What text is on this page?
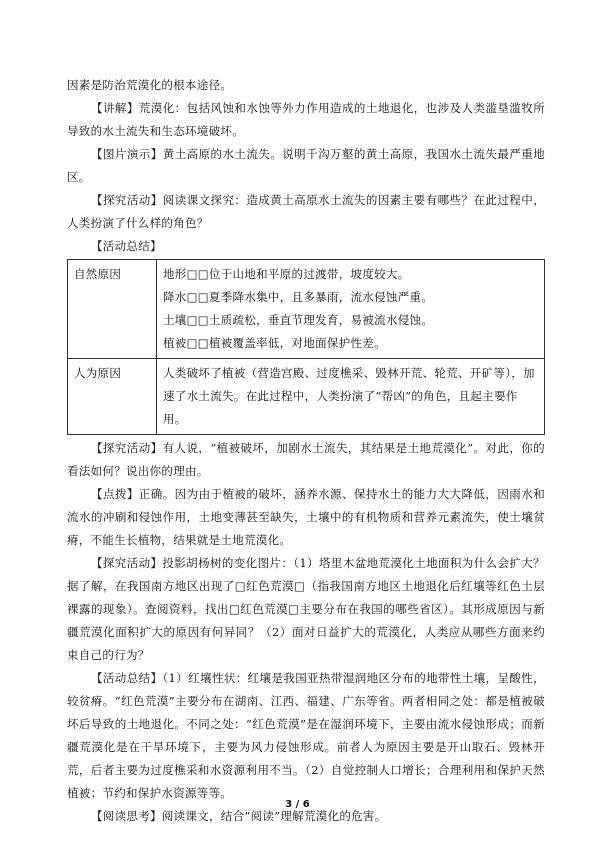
因素是防治荒漠化的根本途径。

【讲解】荒漠化：包括风蚀和水蚀等外力作用造成的土地退化，也涉及人类滥垦滥牧所导致的水土流失和生态环境破坏。

【图片演示】黄土高原的水土流失。说明千沟万壑的黄土高原，我国水土流失最严重地区。

【探究活动】阅读课文探究：造成黄土高原水土流失的因素主要有哪些？在此过程中，人类扮演了什么样的角色？

【活动总结】

自然原因	地形□□位于山地和平原的过渡带，坡度较大。
降水□□夏季降水集中，且多暴雨，流水侵蚀严重。
土壤□□土质疏松，垂直节理发育，易被流水侵蚀。
植被□□植被覆盖率低，对地面保护性差。

人为原因	人类破坏了植被（营造宫殿、过度樵采、毁林开荒、轮荒、开矿等），加速了水土流失。在此过程中，人类扮演了“帮凶”的角色，且起主要作用。

【探究活动】有人说，“植被破坏，加剧水土流失，其结果是土地荒漠化”。对此，你的看法如何？说出你的理由。

【点拨】正确。因为由于植被的破坏，涵养水源、保持水土的能力大大降低，因雨水和流水的冲刷和侵蚀作用，土地变薄甚至缺失，土壤中的有机物质和营养元素流失，使土壤贫瘠，不能生长植物，结果就是土地荒漠化。

【探究活动】投影胡杨树的变化图片：（1）塔里木盆地荒漠化土地面积为什么会扩大？据了解，在我国南方地区出现了□红色荒漠□（指我国南方地区土地退化后红壤等红色土层裸露的现象）。查阅资料，找出□红色荒漠□主要分布在我国的哪些省区）。其形成原因与新疆荒漠化面积扩大的原因有何异同？（2）面对日益扩大的荒漠化，人类应从哪些方面来约束自己的行为？

【活动总结】（1）红壤性状：红壤是我国亚热带湿润地区分布的地带性土壤，呈酸性，较贫瘠。“红色荒漠”主要分布在湖南、江西、福建、广东等省。两者相同之处：都是植被破坏后导致的土地退化。不同之处：“红色荒漠”是在湿润环境下，主要由流水侵蚀形成；而新疆荒漠化是在干旱环境下，主要为风力侵蚀形成。前者人为原因主要是开山取石、毁林开荒，后者主要为过度樵采和水资源利用不当。（2）自觉控制人口增长；合理利用和保护天然植被；节约和保护水资源等等。

【阅读思考】阅读课文，结合“阅读”理解荒漠化的危害。

3 / 6
